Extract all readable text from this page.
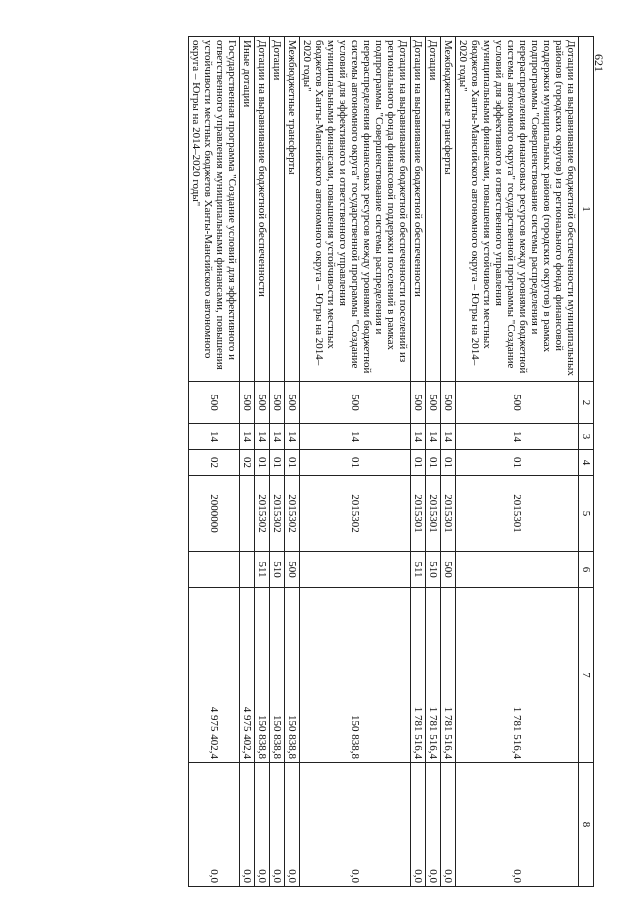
621
1	2	3	4	5	6	7	8
Дотации на выравнивание бюджетной обеспеченности муниципальных районов (городских округов) из регионального фонда финансовой поддержки муниципальных районов (городских округов) в рамках подпрограммы "Совершенствование системы распределения и перераспределения финансовых ресурсов между уровнями бюджетной системы автономного округа" государственной программы "Создание условий для эффективного и ответственного управления муниципальными финансами, повышения устойчивости местных бюджетов Ханты-Мансийского автономного округа – Югры на 2014–2020 годы"	500	14	01	2015301		1 781 516,4	0,0
Межбюджетные трансферты	500	14	01	2015301	500	1 781 516,4	0,0
Дотации	500	14	01	2015301	510	1 781 516,4	0,0
Дотации на выравнивание бюджетной обеспеченности	500	14	01	2015301	511	1 781 516,4	0,0
Дотации на выравнивание бюджетной обеспеченности поселений из регионального фонда финансовой поддержки поселений в рамках подпрограммы "Совершенствование системы распределения и перераспределения финансовых ресурсов между уровнями бюджетной системы автономного округа" государственной программы "Создание условий для эффективного и ответственного управления муниципальными финансами, повышения устойчивости местных бюджетов Ханты-Мансийского автономного округа – Югры на 2014–2020 годы"	500	14	01	2015302		150 838,8	0,0
Межбюджетные трансферты	500	14	01	2015302	500	150 838,8	0,0
Дотации	500	14	01	2015302	510	150 838,8	0,0
Дотации на выравнивание бюджетной обеспеченности	500	14	01	2015302	511	150 838,8	0,0
Иные дотации	500	14	02			4 975 402,4	0,0
Государственная программа "Создание условий для эффективного и ответственного управления муниципальными финансами, повышения устойчивости местных бюджетов Ханты-Мансийского автономного округа – Югры на 2014–2020 годы"	500	14	02	2000000		4 975 402,4	0,0
